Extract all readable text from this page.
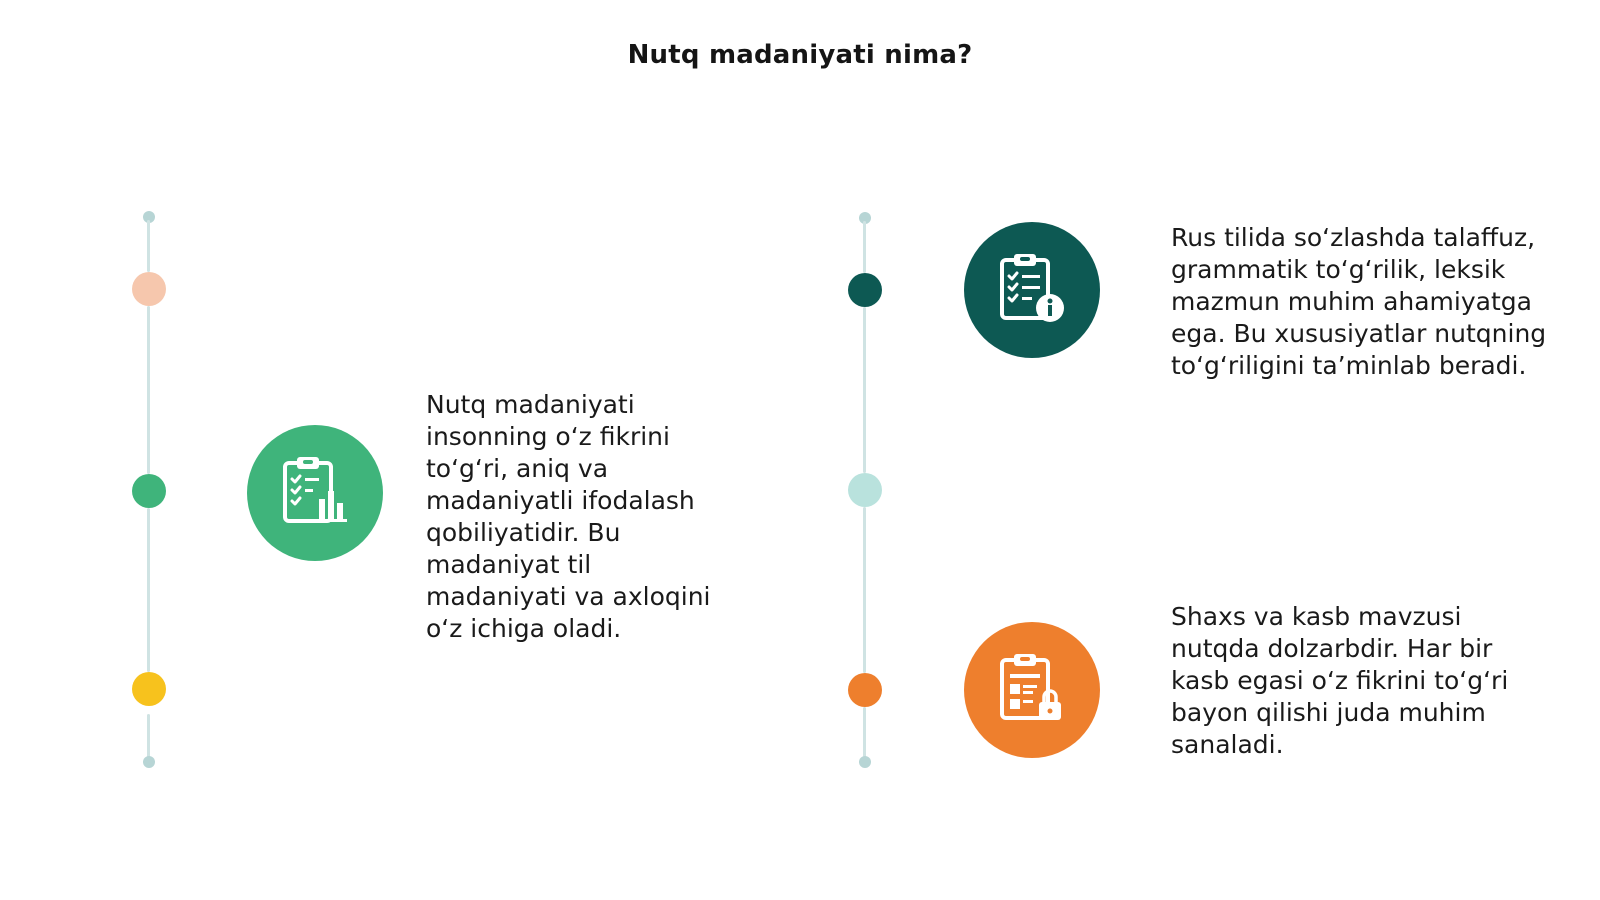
Nutq madaniyati nima?
Nutq madaniyati insonning o‘z fikrini to‘g‘ri, aniq va madaniyatli ifodalash qobiliyatidir. Bu madaniyat til madaniyati va axloqini o‘z ichiga oladi.
Rus tilida so‘zlashda talaffuz, grammatik to‘g‘rilik, leksik mazmun muhim ahamiyatga ega. Bu xususiyatlar nutqning to‘g‘riligini ta’minlab beradi.
Shaxs va kasb mavzusi nutqda dolzarbdir. Har bir kasb egasi o‘z fikrini to‘g‘ri bayon qilishi juda muhim sanaladi.
